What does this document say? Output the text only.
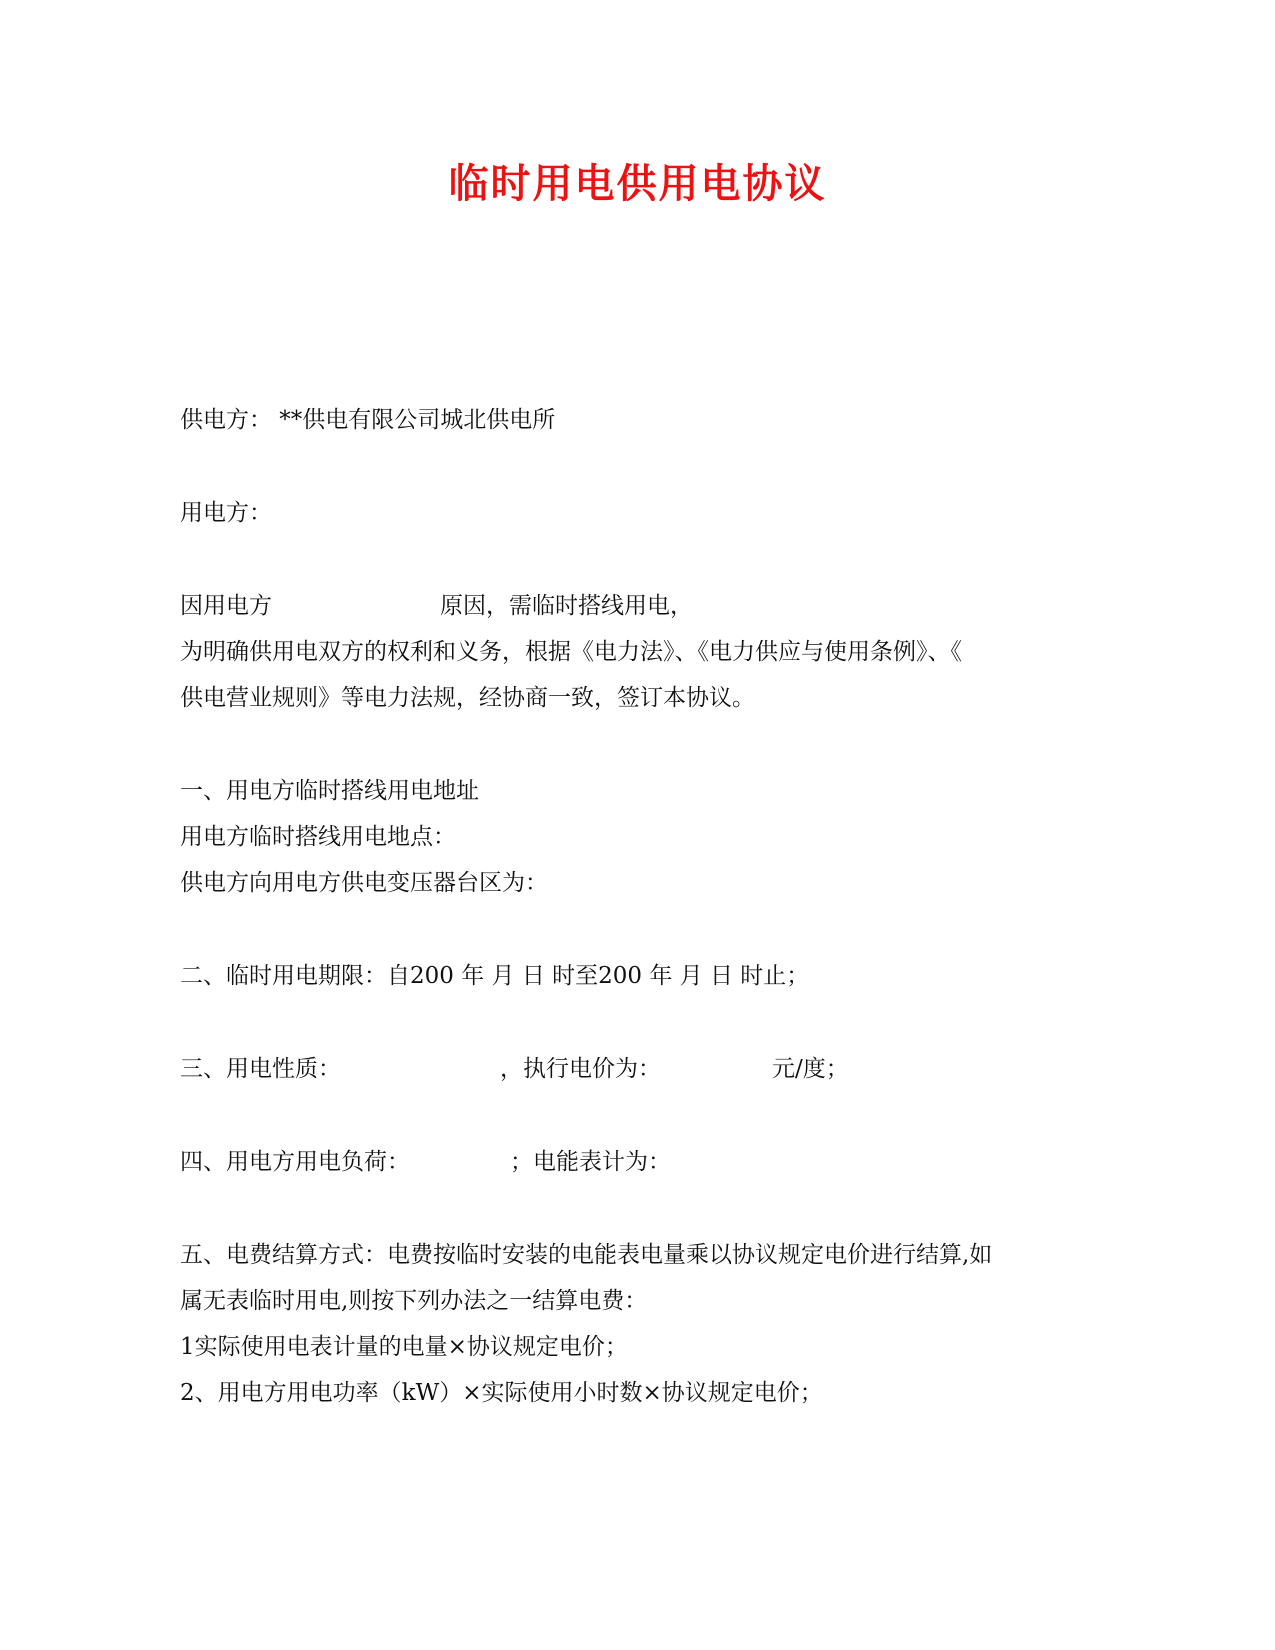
临时用电供用电协议
供电方： **供电有限公司城北供电所
用电方：
因用电方	原因，需临时搭线用电，
为明确供用电双方的权利和义务，根据《电力法》、《电力供应与使用条例》、《
供电营业规则》等电力法规，经协商一致，签订本协议。
一、用电方临时搭线用电地址
用电方临时搭线用电地点：
供电方向用电方供电变压器台区为：
二、临时用电期限：自200 年 月 日 时至200 年 月 日 时止；
三、用电性质：	，执行电价为：	元/度；
四、用电方用电负荷：	；电能表计为：
五、电费结算方式：电费按临时安装的电能表电量乘以协议规定电价进行结算,如
属无表临时用电,则按下列办法之一结算电费：
1实际使用电表计量的电量×协议规定电价；
2、用电方用电功率（kW）×实际使用小时数×协议规定电价；
